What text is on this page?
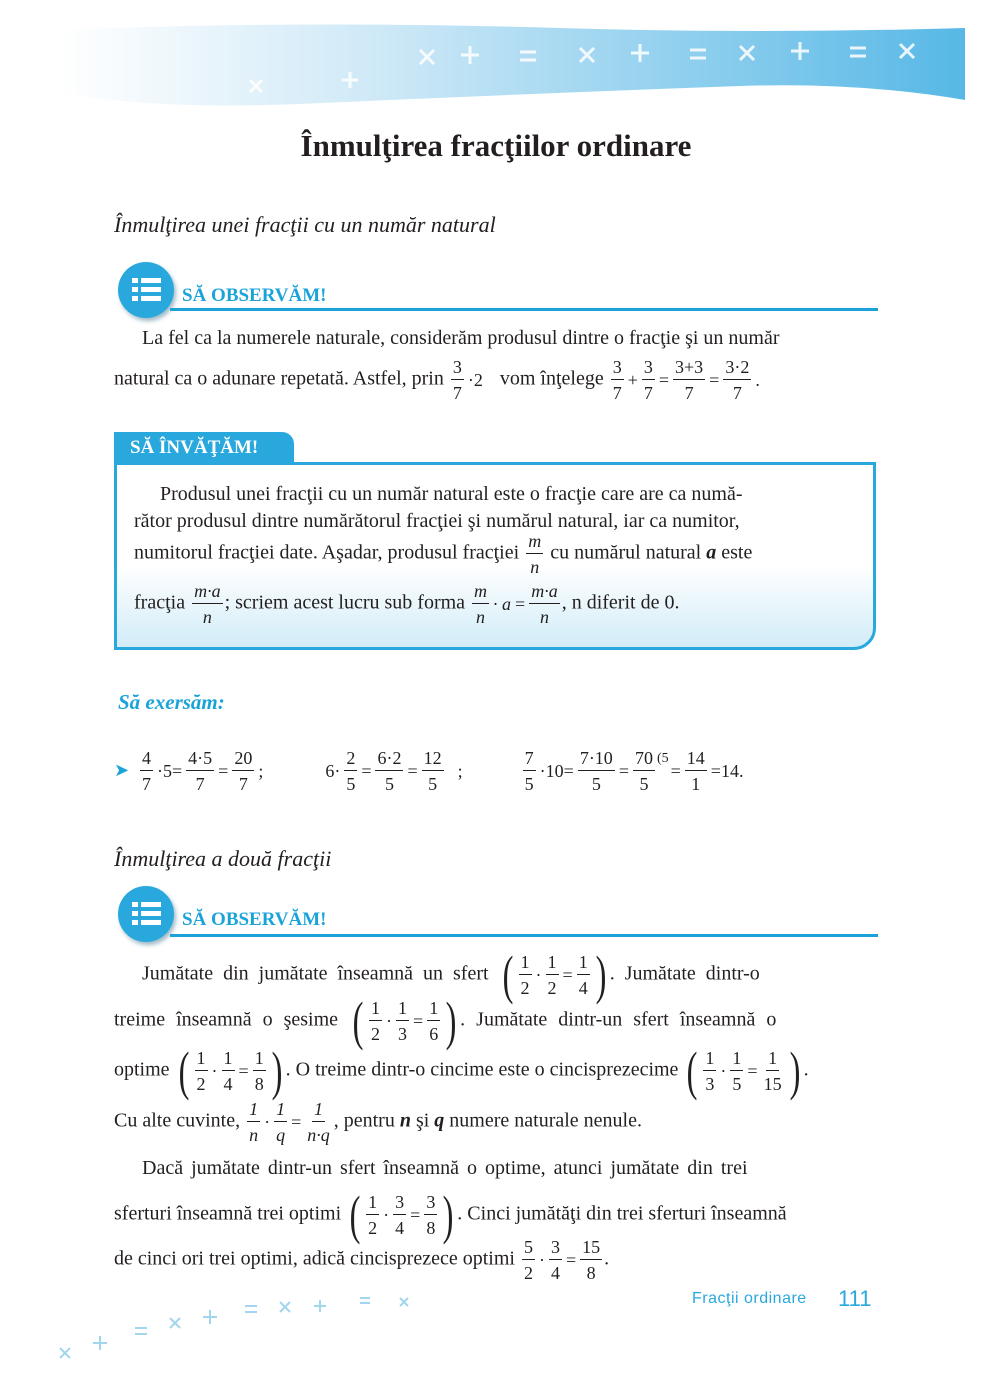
Înmulţirea fracţiilor ordinare
Înmulţirea unei fracţii cu un număr natural
SĂ OBSERVĂM!
La fel ca la numerele naturale, considerăm produsul dintre o fracţie şi un număr
natural ca o adunare repetată. Astfel, prin $\frac{3}{7} \cdot 2$ vom înţelege $\frac{3}{7} + \frac{3}{7} = \frac{3+3}{7} = \frac{3\cdot 2}{7}$ .
SĂ ÎNVĂŢĂM!
Produsul unei fracţii cu un număr natural este o fracţie care are ca numă-
rător produsul dintre numărătorul fracţiei şi numărul natural, iar ca numitor,
numitorul fracţiei date. Aşadar, produsul fracţiei $\frac{m}{n}$ cu numărul natural a este
fracţia $\frac{m\cdot a}{n}$ ; scriem acest lucru sub forma $\frac{m}{n} \cdot a = \frac{m\cdot a}{n}$ , n diferit de 0.
Să exersăm:
➤ $\frac{4}{7} \cdot 5= \frac{4\cdot 5}{7} = \frac{20}{7}$ ;	$6\cdot \frac{2}{5} = \frac{6\cdot 2}{5} = \frac{12}{5}$ ;	$\frac{7}{5} \cdot 10= \frac{7\cdot 10}{5} = \frac{70}{5} ^{(5}= \frac{14}{1} =14$.
Înmulţirea a două fracţii
SĂ OBSERVĂM!
Jumătate din jumătate înseamnă un sfert ( $\frac{1}{2} \cdot \frac{1}{2} = \frac{1}{4}$ ) . Jumătate dintr-o
treime înseamnă o şesime ( $\frac{1}{2} \cdot \frac{1}{3} = \frac{1}{6}$ ) . Jumătate dintr-un sfert înseamnă o
optime ( $\frac{1}{2} \cdot \frac{1}{4} = \frac{1}{8}$ ) . O treime dintr-o cincime este o cincisprezecime ( $\frac{1}{3} \cdot \frac{1}{5} = \frac{1}{15}$ ) .
Cu alte cuvinte, $\frac{1}{n} \cdot \frac{1}{q} = \frac{1}{n\cdot q}$ , pentru n şi q numere naturale nenule.
Dacă jumătate dintr-un sfert înseamnă o optime, atunci jumătate din trei
sferturi înseamnă trei optimi ( $\frac{1}{2} \cdot \frac{3}{4} = \frac{3}{8}$ ) . Cinci jumătăţi din trei sferturi înseamnă
de cinci ori trei optimi, adică cincisprezece optimi $\frac{5}{2} \cdot \frac{3}{4} = \frac{15}{8}$ .
Fracţii ordinare 111
